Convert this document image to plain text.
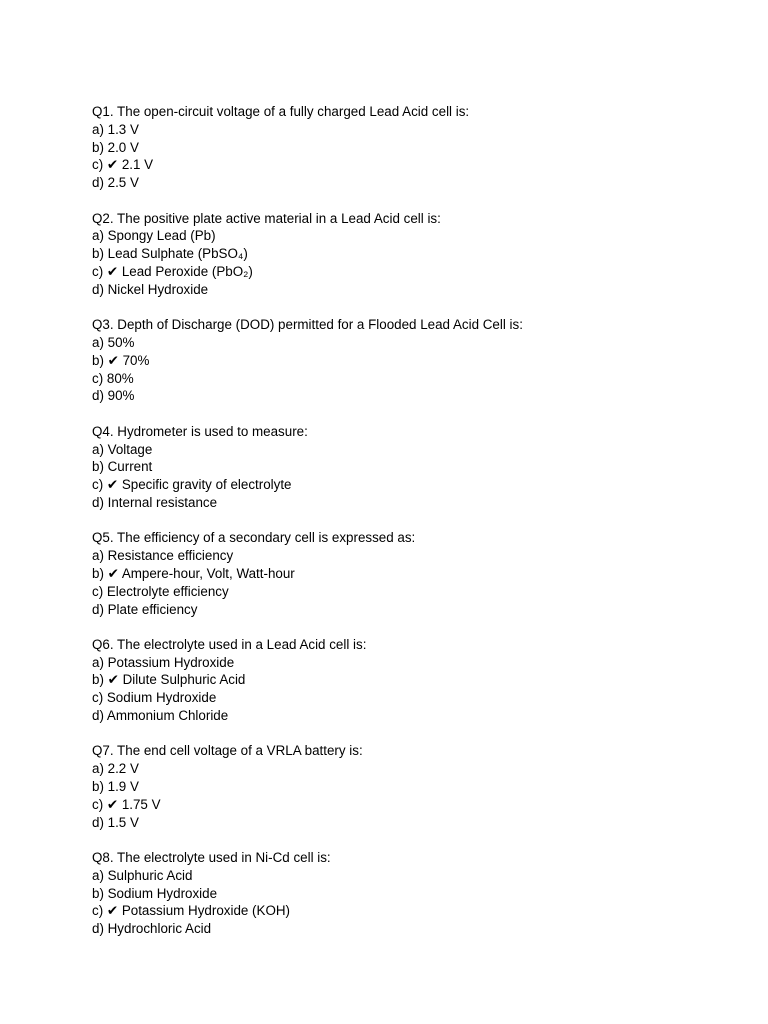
Q1. The open-circuit voltage of a fully charged Lead Acid cell is:
a) 1.3 V
b) 2.0 V
c) ✔ 2.1 V
d) 2.5 V
Q2. The positive plate active material in a Lead Acid cell is:
a) Spongy Lead (Pb)
b) Lead Sulphate (PbSO₄)
c) ✔ Lead Peroxide (PbO₂)
d) Nickel Hydroxide
Q3. Depth of Discharge (DOD) permitted for a Flooded Lead Acid Cell is:
a) 50%
b) ✔ 70%
c) 80%
d) 90%
Q4. Hydrometer is used to measure:
a) Voltage
b) Current
c) ✔ Specific gravity of electrolyte
d) Internal resistance
Q5. The efficiency of a secondary cell is expressed as:
a) Resistance efficiency
b) ✔ Ampere-hour, Volt, Watt-hour
c) Electrolyte efficiency
d) Plate efficiency
Q6. The electrolyte used in a Lead Acid cell is:
a) Potassium Hydroxide
b) ✔ Dilute Sulphuric Acid
c) Sodium Hydroxide
d) Ammonium Chloride
Q7. The end cell voltage of a VRLA battery is:
a) 2.2 V
b) 1.9 V
c) ✔ 1.75 V
d) 1.5 V
Q8. The electrolyte used in Ni-Cd cell is:
a) Sulphuric Acid
b) Sodium Hydroxide
c) ✔ Potassium Hydroxide (KOH)
d) Hydrochloric Acid
